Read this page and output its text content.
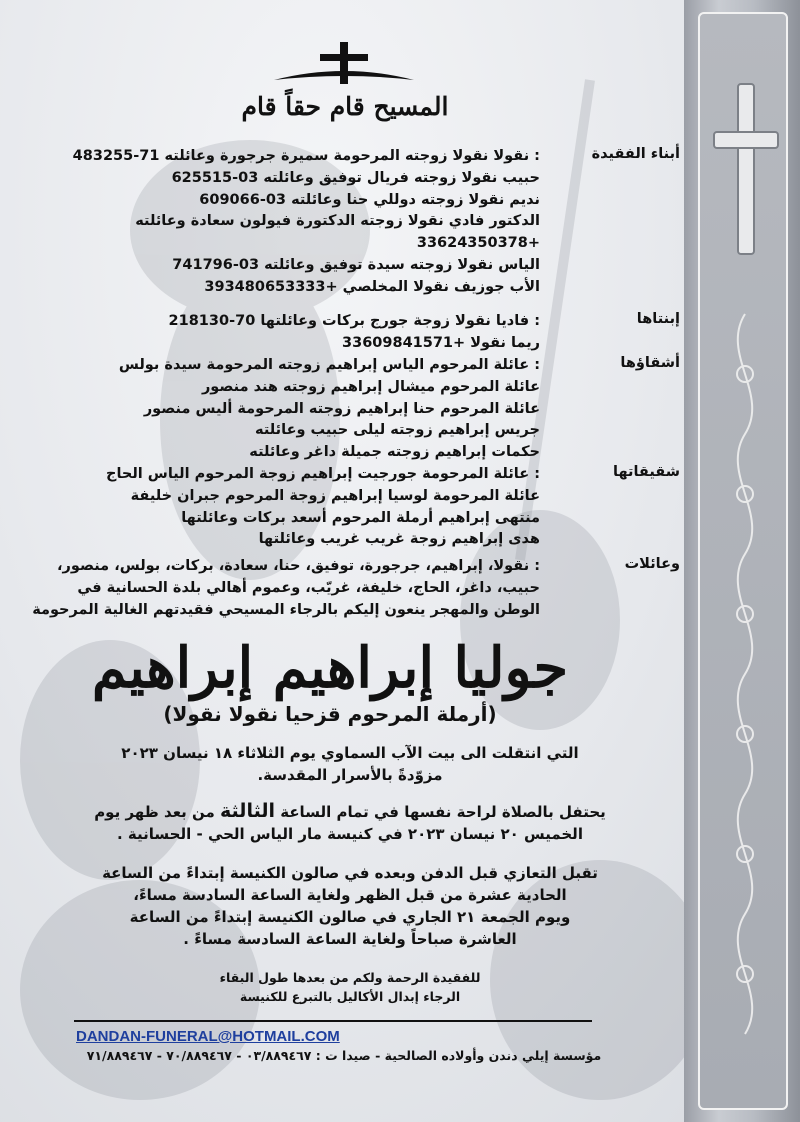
المسيح قام حقاً قام
أبناء الفقيدة
: نقولا نقولا زوجته المرحومة سميرة جرجورة وعائلته 71-483255
حبيب نقولا زوجته فريال توفيق وعائلته 03-625515
نديم نقولا زوجته دوللي حنا وعائلته 03-609066
الدكتور فادي نقولا زوجته الدكتورة فيولون سعادة وعائلته
+33624350378
الياس نقولا زوجته سيدة توفيق وعائلته 03-741796
الأب جوزيف نقولا المخلصي +393480653333
إبنتاها
: فاديا نقولا زوجة جورج بركات وعائلتها 70-218130
ريما نقولا +33609841571
أشقاؤها
: عائلة المرحوم الياس إبراهيم زوجته المرحومة سيدة بولس
عائلة المرحوم ميشال إبراهيم زوجته هند منصور
عائلة المرحوم حنا إبراهيم زوجته المرحومة أليس منصور
جريس إبراهيم زوجته ليلى حبيب وعائلته
حكمات إبراهيم زوجته جميلة داغر وعائلته
شقيقاتها
: عائلة المرحومة جورجيت إبراهيم زوجة المرحوم الياس الحاج
عائلة المرحومة لوسيا إبراهيم زوجة المرحوم جبران خليفة
منتهى إبراهيم أرملة المرحوم أسعد بركات وعائلتها
هدى إبراهيم زوجة غريب غريب وعائلتها
وعائلات
: نقولا، إبراهيم، جرجورة، توفيق، حنا، سعادة، بركات، بولس، منصور،
حبيب، داغر، الحاج، خليفة، غريّب، وعموم أهالي بلدة الحسانية في
الوطن والمهجر ينعون إليكم بالرجاء المسيحي فقيدتهم الغالية المرحومة
جوليا إبراهيم إبراهيم
(أرملة المرحوم قزحيا نقولا نقولا)
التي انتقلت الى بيت الآب السماوي يوم الثلاثاء ١٨ نيسان ٢٠٢٣
مزوّدةً بالأسرار المقدسة.
يحتفل بالصلاة لراحة نفسها في تمام الساعة الثالثة من بعد ظهر يوم
الخميس ٢٠ نيسان ٢٠٢٣ في كنيسة مار الياس الحي - الحسانية .
تقبل التعازي قبل الدفن وبعده في صالون الكنيسة إبتداءً من الساعة
الحادية عشرة من قبل الظهر ولغاية الساعة السادسة مساءً،
ويوم الجمعة ٢١ الجاري في صالون الكنيسة إبتداءً من الساعة
العاشرة صباحاً ولغاية الساعة السادسة مساءً .
للفقيدة الرحمة ولكم من بعدها طول البقاء
الرجاء إبدال الأكاليل بالتبرع للكنيسة
DANDAN-FUNERAL@HOTMAIL.COM
مؤسسة إيلي دندن وأولاده الصالحية - صيدا ت : ٠٣/٨٨٩٤٦٧ - ٧٠/٨٨٩٤٦٧ - ٧١/٨٨٩٤٦٧
